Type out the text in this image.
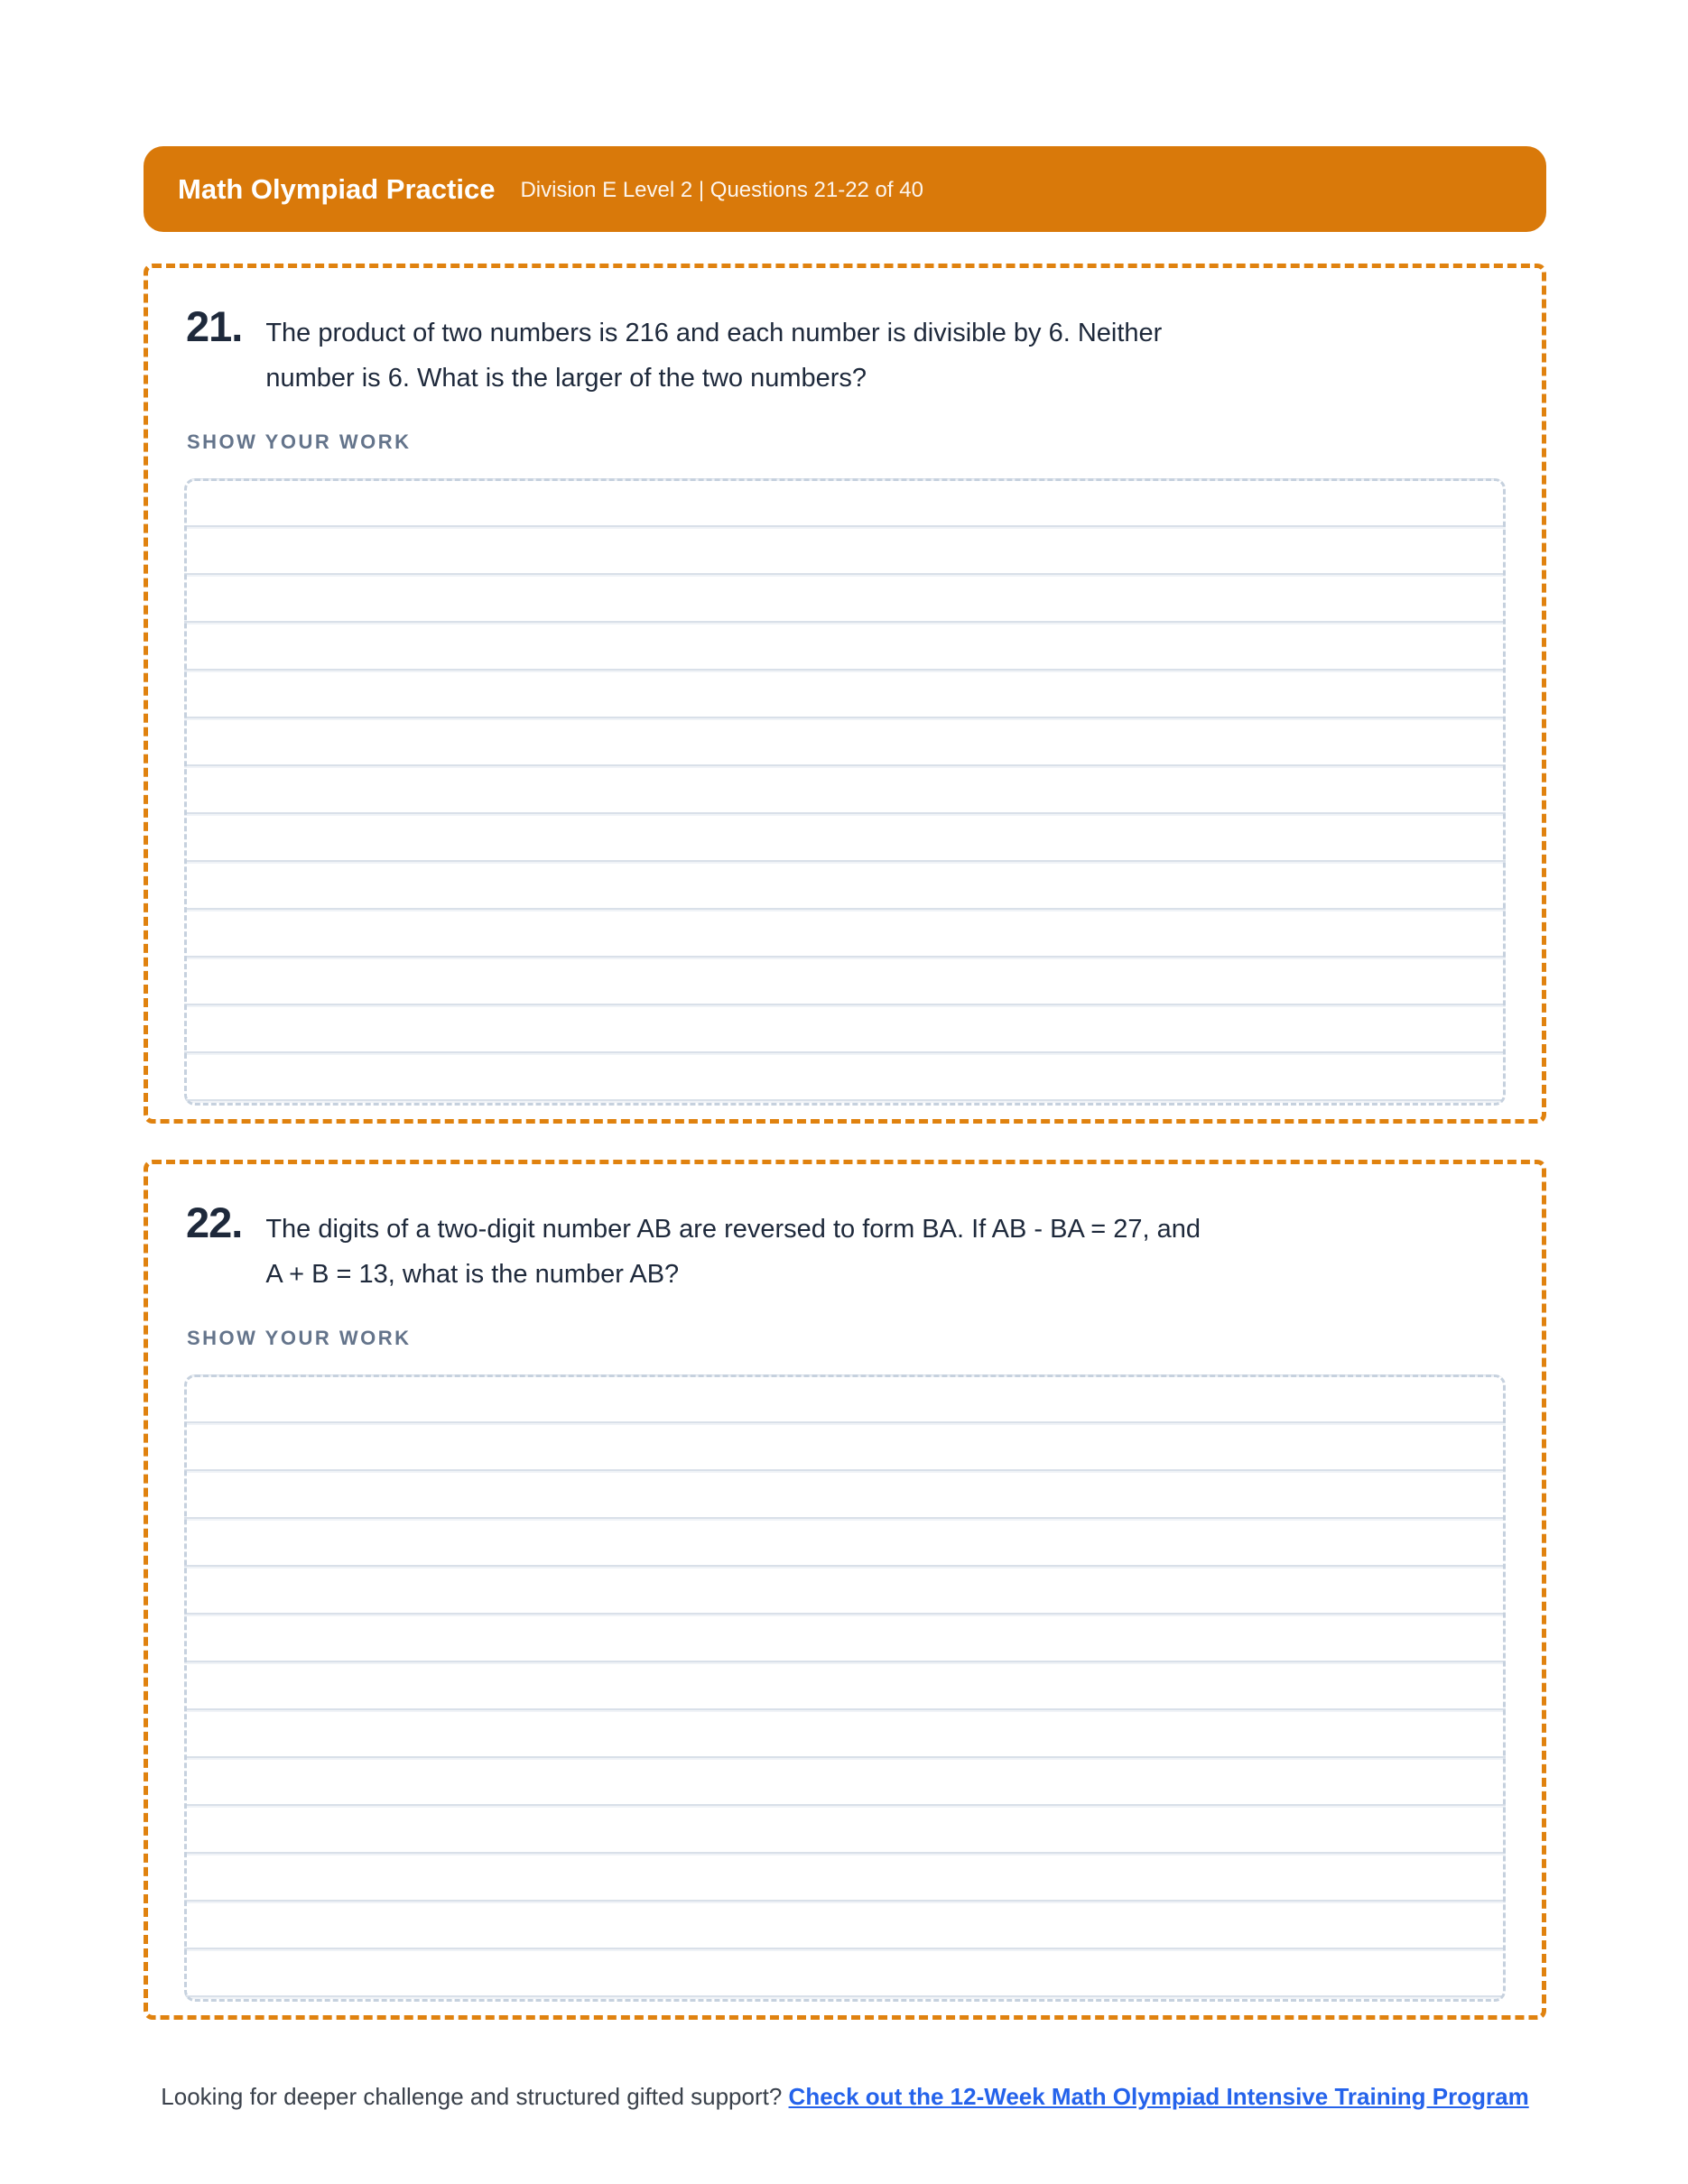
Math Olympiad Practice Division E Level 2 | Questions 21-22 of 40
21. The product of two numbers is 216 and each number is divisible by 6. Neither
number is 6. What is the larger of the two numbers?
SHOW YOUR WORK
22. The digits of a two-digit number AB are reversed to form BA. If AB - BA = 27, and
A + B = 13, what is the number AB?
SHOW YOUR WORK
Looking for deeper challenge and structured gifted support? Check out the 12-Week Math Olympiad Intensive Training Program
